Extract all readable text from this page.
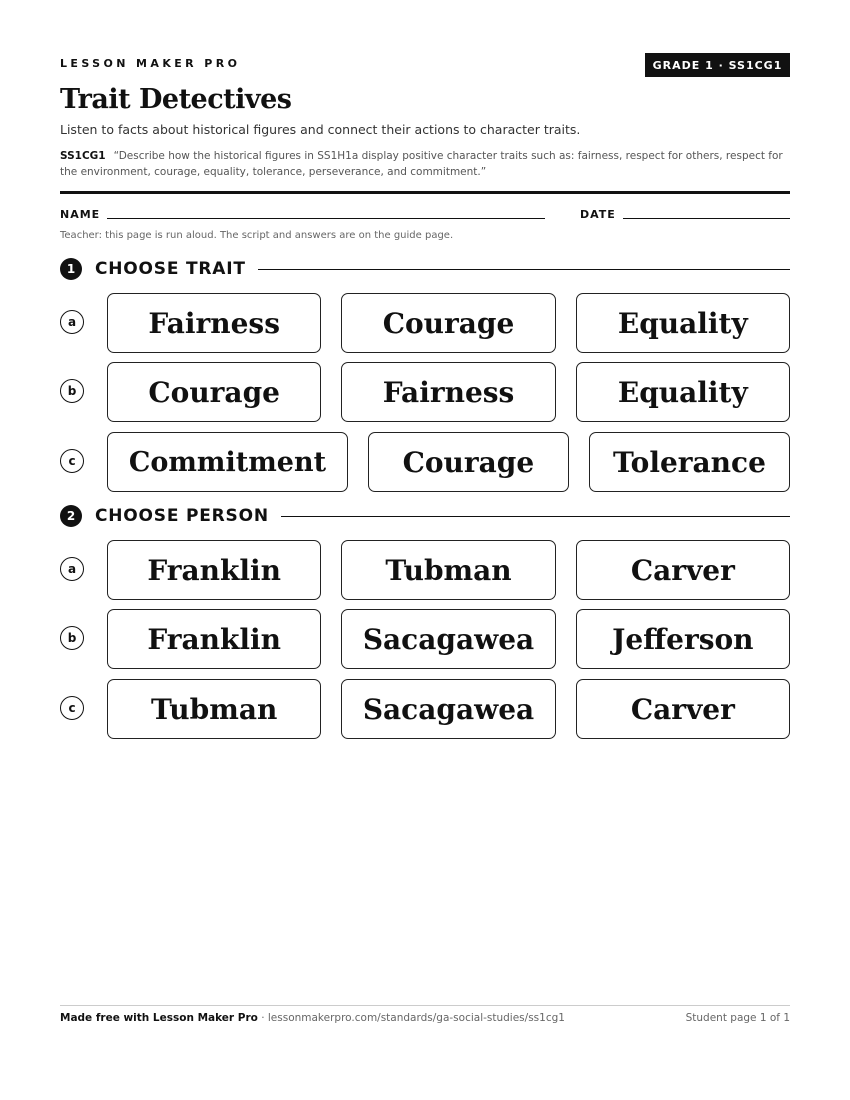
LESSON MAKER PRO	GRADE 1 · SS1CG1
Trait Detectives
Listen to facts about historical figures and connect their actions to character traits.
SS1CG1 “Describe how the historical figures in SS1H1a display positive character traits such as: fairness, respect for others, respect for the environment, courage, equality, tolerance, perseverance, and commitment.”
NAME	DATE
Teacher: this page is run aloud. The script and answers are on the guide page.
1	CHOOSE TRAIT
a	Fairness	Courage	Equality
b	Courage	Fairness	Equality
c	Commitment	Courage	Tolerance
2	CHOOSE PERSON
a	Franklin	Tubman	Carver
b	Franklin	Sacagawea	Jefferson
c	Tubman	Sacagawea	Carver
Made free with Lesson Maker Pro · lessonmakerpro.com/standards/ga-social-studies/ss1cg1	Student page 1 of 1
